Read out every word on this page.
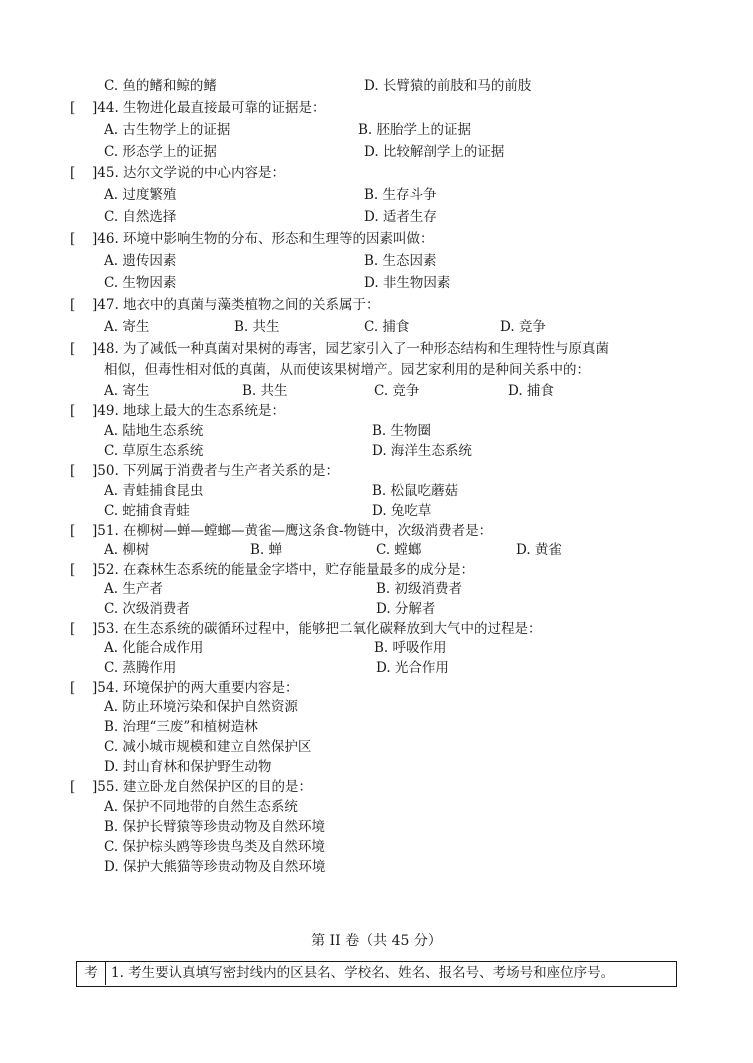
C. 鱼的鳍和鲸的鳍	D. 长臂猿的前肢和马的前肢
[ ]44. 生物进化最直接最可靠的证据是：
A. 古生物学上的证据	B. 胚胎学上的证据
C. 形态学上的证据	D. 比较解剖学上的证据
[ ]45. 达尔文学说的中心内容是：
A. 过度繁殖	B. 生存斗争
C. 自然选择	D. 适者生存
[ ]46. 环境中影响生物的分布、形态和生理等的因素叫做：
A. 遗传因素	B. 生态因素
C. 生物因素	D. 非生物因素
[ ]47. 地衣中的真菌与藻类植物之间的关系属于：
A. 寄生	B. 共生	C. 捕食	D. 竞争
[ ]48. 为了减低一种真菌对果树的毒害，园艺家引入了一种形态结构和生理特性与原真菌
相似，但毒性相对低的真菌，从而使该果树增产。园艺家利用的是种间关系中的：
A. 寄生	B. 共生	C. 竞争	D. 捕食
[ ]49. 地球上最大的生态系统是：
A. 陆地生态系统	B. 生物圈
C. 草原生态系统	D. 海洋生态系统
[ ]50. 下列属于消费者与生产者关系的是：
A. 青蛙捕食昆虫	B. 松鼠吃蘑菇
C. 蛇捕食青蛙	D. 兔吃草
[ ]51. 在柳树—蝉—螳螂—黄雀—鹰这条食-物链中，次级消费者是：
A. 柳树	B. 蝉	C. 螳螂	D. 黄雀
[ ]52. 在森林生态系统的能量金字塔中，贮存能量最多的成分是：
A. 生产者	B. 初级消费者
C. 次级消费者	D. 分解者
[ ]53. 在生态系统的碳循环过程中，能够把二氧化碳释放到大气中的过程是：
A. 化能合成作用	B. 呼吸作用
C. 蒸腾作用	D. 光合作用
[ ]54. 环境保护的两大重要内容是：
A. 防止环境污染和保护自然资源
B. 治理“三废”和植树造林
C. 减小城市规模和建立自然保护区
D. 封山育林和保护野生动物
[ ]55. 建立卧龙自然保护区的目的是：
A. 保护不同地带的自然生态系统
B. 保护长臂猿等珍贵动物及自然环境
C. 保护棕头鸥等珍贵鸟类及自然环境
D. 保护大熊猫等珍贵动物及自然环境
第 II 卷（共 45 分）
考 1. 考生要认真填写密封线内的区县名、学校名、姓名、报名号、考场号和座位序号。
